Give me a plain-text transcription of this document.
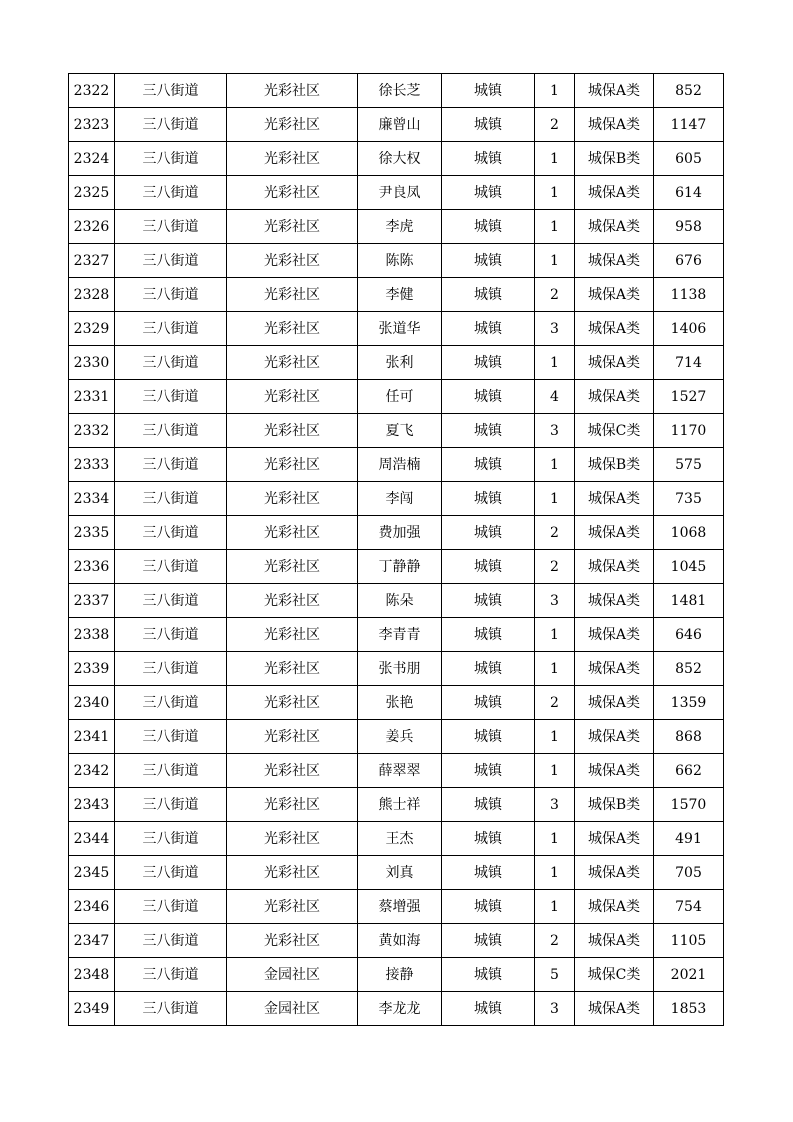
2322	三八街道	光彩社区	徐长芝	城镇	1	城保A类	852
2323	三八街道	光彩社区	廉曾山	城镇	2	城保A类	1147
2324	三八街道	光彩社区	徐大权	城镇	1	城保B类	605
2325	三八街道	光彩社区	尹良凤	城镇	1	城保A类	614
2326	三八街道	光彩社区	李虎	城镇	1	城保A类	958
2327	三八街道	光彩社区	陈陈	城镇	1	城保A类	676
2328	三八街道	光彩社区	李健	城镇	2	城保A类	1138
2329	三八街道	光彩社区	张道华	城镇	3	城保A类	1406
2330	三八街道	光彩社区	张利	城镇	1	城保A类	714
2331	三八街道	光彩社区	任可	城镇	4	城保A类	1527
2332	三八街道	光彩社区	夏飞	城镇	3	城保C类	1170
2333	三八街道	光彩社区	周浩楠	城镇	1	城保B类	575
2334	三八街道	光彩社区	李闯	城镇	1	城保A类	735
2335	三八街道	光彩社区	费加强	城镇	2	城保A类	1068
2336	三八街道	光彩社区	丁静静	城镇	2	城保A类	1045
2337	三八街道	光彩社区	陈朵	城镇	3	城保A类	1481
2338	三八街道	光彩社区	李青青	城镇	1	城保A类	646
2339	三八街道	光彩社区	张书朋	城镇	1	城保A类	852
2340	三八街道	光彩社区	张艳	城镇	2	城保A类	1359
2341	三八街道	光彩社区	姜兵	城镇	1	城保A类	868
2342	三八街道	光彩社区	薛翠翠	城镇	1	城保A类	662
2343	三八街道	光彩社区	熊士祥	城镇	3	城保B类	1570
2344	三八街道	光彩社区	王杰	城镇	1	城保A类	491
2345	三八街道	光彩社区	刘真	城镇	1	城保A类	705
2346	三八街道	光彩社区	蔡增强	城镇	1	城保A类	754
2347	三八街道	光彩社区	黄如海	城镇	2	城保A类	1105
2348	三八街道	金园社区	接静	城镇	5	城保C类	2021
2349	三八街道	金园社区	李龙龙	城镇	3	城保A类	1853
